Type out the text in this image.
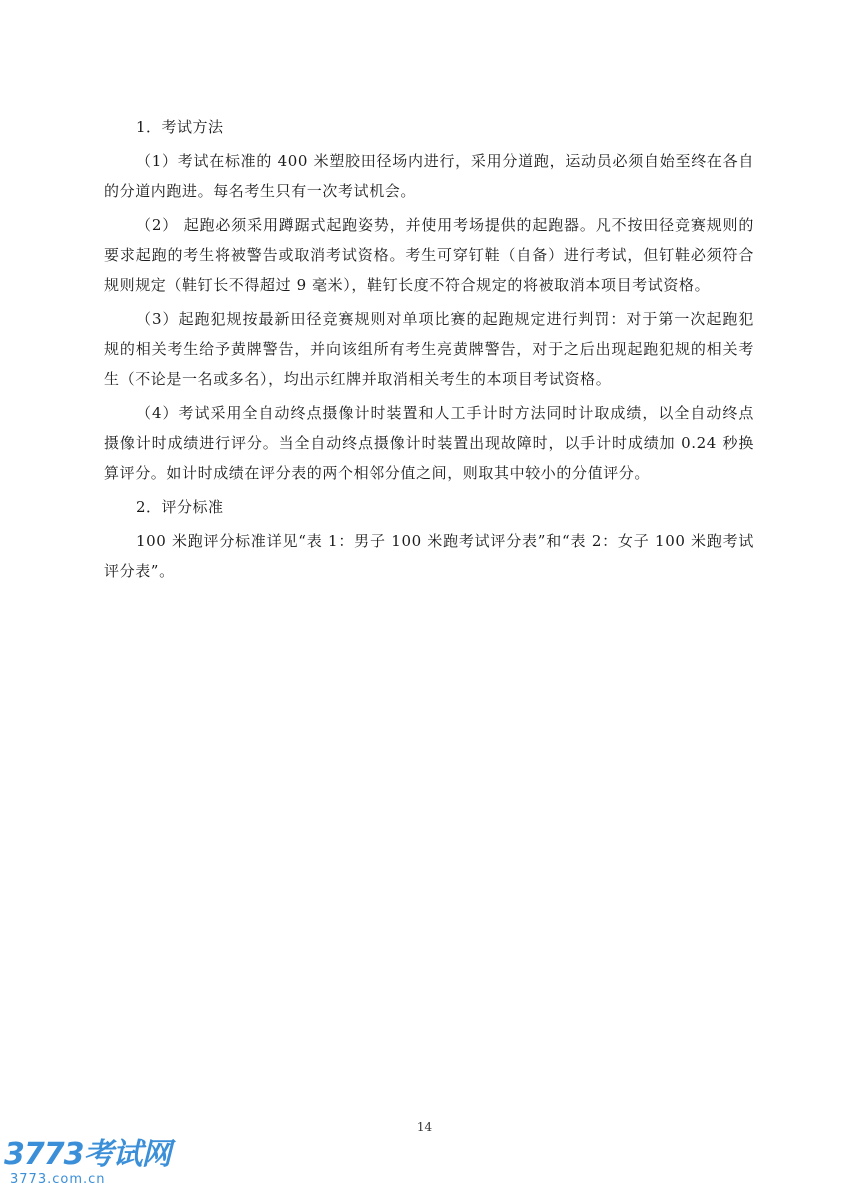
1．考试方法

（1）考试在标准的 400 米塑胶田径场内进行，采用分道跑，运动员必须自始至终在各自的分道内跑进。每名考生只有一次考试机会。

（2） 起跑必须采用蹲踞式起跑姿势，并使用考场提供的起跑器。凡不按田径竞赛规则的要求起跑的考生将被警告或取消考试资格。考生可穿钉鞋（自备）进行考试，但钉鞋必须符合规则规定（鞋钉长不得超过 9 毫米），鞋钉长度不符合规定的将被取消本项目考试资格。

（3）起跑犯规按最新田径竞赛规则对单项比赛的起跑规定进行判罚：对于第一次起跑犯规的相关考生给予黄牌警告，并向该组所有考生亮黄牌警告，对于之后出现起跑犯规的相关考生（不论是一名或多名），均出示红牌并取消相关考生的本项目考试资格。

（4）考试采用全自动终点摄像计时装置和人工手计时方法同时计取成绩，以全自动终点摄像计时成绩进行评分。当全自动终点摄像计时装置出现故障时，以手计时成绩加 0.24 秒换算评分。如计时成绩在评分表的两个相邻分值之间，则取其中较小的分值评分。

2．评分标准

100 米跑评分标准详见“表 1：男子 100 米跑考试评分表”和“表 2：女子 100 米跑考试评分表”。

14
3773考试网
3773.com.cn
